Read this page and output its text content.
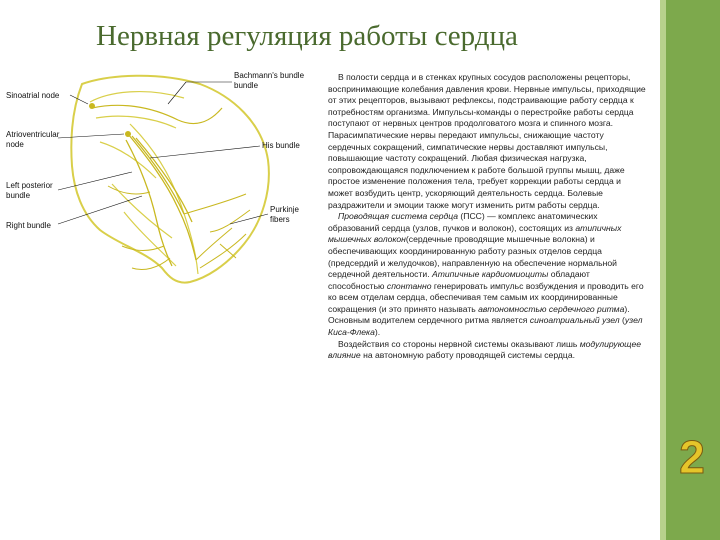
Нервная регуляция работы сердца
Sinoatrial node
Bachmann's bundle
bundle
Atrioventricular
node	His bundle
Left posterior
bundle
Purkinje
fibers
Right bundle

В полости сердца и в стенках крупных сосудов расположены рецепторы, воспринимающие колебания давления крови. Нервные импульсы, приходящие от этих рецепторов, вызывают рефлексы, подстраивающие работу сердца к потребностям организма. Импульсы-команды о перестройке работы сердца поступают от нервных центров продолговатого мозга и спинного мозга. Парасимпатические нервы передают импульсы, снижающие частоту сердечных сокращений, симпатические нервы доставляют импульсы, повышающие частоту сокращений. Любая физическая нагрузка, сопровождающаяся подключением к работе большой группы мышц, даже простое изменение положения тела, требует коррекции работы сердца и может возбудить центр, ускоряющий деятельность сердца. Болевые раздражители и эмоции также могут изменить ритм работы сердца.

Проводящая система сердца (ПСС) — комплекс анатомических образований сердца (узлов, пучков и волокон), состоящих из атипичных мышечных волокон(сердечные проводящие мышечные волокна) и обеспечивающих координированную работу разных отделов сердца (предсердий и желудочков), направленную на обеспечение нормальной сердечной деятельности. Атипичные кардиомиоциты обладают способностью спонтанно генерировать импульс возбуждения и проводить его ко всем отделам сердца, обеспечивая тем самым их координированные сокращения (и это принято называть автономностью сердечного ритма). Основным водителем сердечного ритма является синоатриальный узел (узел Киса-Флека).

Воздействия со стороны нервной системы оказывают лишь модулирующее влияние на автономную работу проводящей системы сердца.

2
